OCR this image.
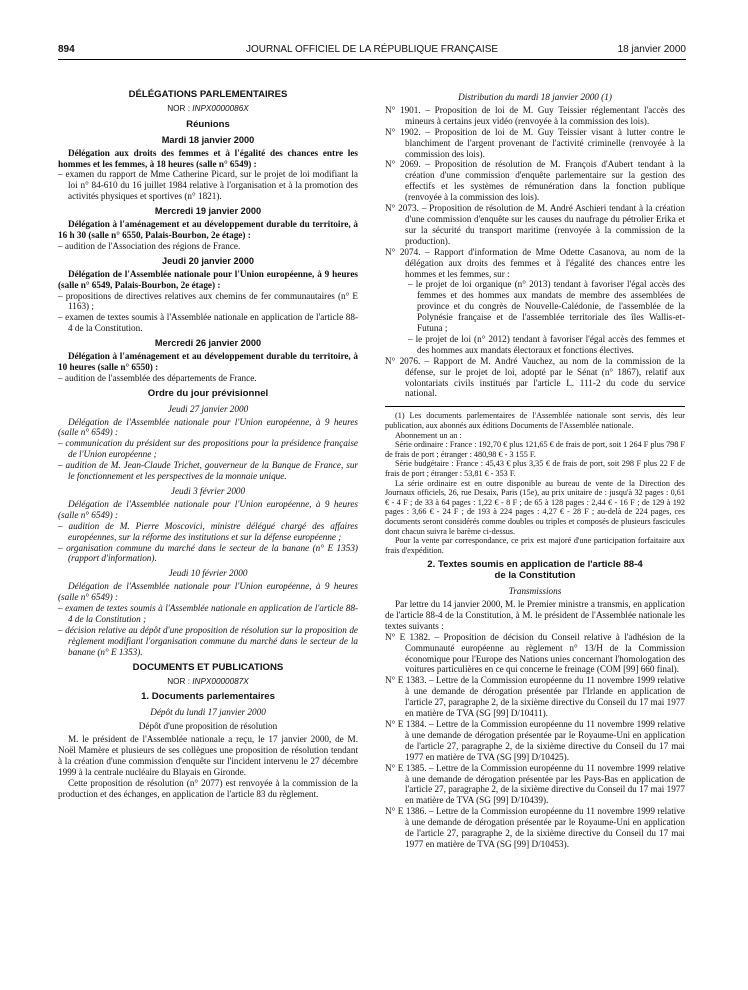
894	JOURNAL OFFICIEL DE LA RÉPUBLIQUE FRANÇAISE	18 janvier 2000
DÉLÉGATIONS PARLEMENTAIRES
NOR : INPX0000086X
Réunions
Mardi 18 janvier 2000

Délégation aux droits des femmes et à l'égalité des chances entre les hommes et les femmes, à 18 heures (salle n° 6549) :

– examen du rapport de Mme Catherine Picard, sur le projet de loi modifiant la loi n° 84-610 du 16 juillet 1984 relative à l'organisation et à la promotion des activités physiques et sportives (n° 1821).

Mercredi 19 janvier 2000

Délégation à l'aménagement et au développement durable du territoire, à 16 h 30 (salle n° 6550, Palais-Bourbon, 2e étage) :

– audition de l'Association des régions de France.

Jeudi 20 janvier 2000

Délégation de l'Assemblée nationale pour l'Union européenne, à 9 heures (salle n° 6549, Palais-Bourbon, 2e étage) :

– propositions de directives relatives aux chemins de fer communautaires (n° E 1163) ;

– examen de textes soumis à l'Assemblée nationale en application de l'article 88-4 de la Constitution.

Mercredi 26 janvier 2000

Délégation à l'aménagement et au développement durable du territoire, à 10 heures (salle n° 6550) :

– audition de l'assemblée des départements de France.

Ordre du jour prévisionnel
Jeudi 27 janvier 2000

Délégation de l'Assemblée nationale pour l'Union européenne, à 9 heures (salle n° 6549) :

– communication du président sur des propositions pour la présidence française de l'Union européenne ;

– audition de M. Jean-Claude Trichet, gouverneur de la Banque de France, sur le fonctionnement et les perspectives de la monnaie unique.

Jeudi 3 février 2000

Délégation de l'Assemblée nationale pour l'Union européenne, à 9 heures (salle n° 6549) :

– audition de M. Pierre Moscovici, ministre délégué chargé des affaires européennes, sur la réforme des institutions et sur la défense européenne ;

– organisation commune du marché dans le secteur de la banane (n° E 1353) (rapport d'information).

Jeudi 10 février 2000

Délégation de l'Assemblée nationale pour l'Union européenne, à 9 heures (salle n° 6549) :

– examen de textes soumis à l'Assemblée nationale en application de l'article 88-4 de la Constitution ;

– décision relative au dépôt d'une proposition de résolution sur la proposition de règlement modifiant l'organisation commune du marché dans le secteur de la banane (n° E 1353).

DOCUMENTS ET PUBLICATIONS
NOR : INPX0000087X
1. Documents parlementaires
Dépôt du lundi 17 janvier 2000
Dépôt d'une proposition de résolution

M. le président de l'Assemblée nationale a reçu, le 17 janvier 2000, de M. Noël Mamère et plusieurs de ses collègues une proposition de résolution tendant à la création d'une commission d'enquête sur l'incident intervenu le 27 décembre 1999 à la centrale nucléaire du Blayais en Gironde.

Cette proposition de résolution (n° 2077) est renvoyée à la commission de la production et des échanges, en application de l'article 83 du règlement.

Distribution du mardi 18 janvier 2000 (1)

N° 1901. – Proposition de loi de M. Guy Teissier réglementant l'accès des mineurs à certains jeux vidéo (renvoyée à la commission des lois).

N° 1902. – Proposition de loi de M. Guy Teissier visant à lutter contre le blanchiment de l'argent provenant de l'activité criminelle (renvoyée à la commission des lois).

N° 2069. – Proposition de résolution de M. François d'Aubert tendant à la création d'une commission d'enquête parlementaire sur la gestion des effectifs et les systèmes de rémunération dans la fonction publique (renvoyée à la commission des lois).

N° 2073. – Proposition de résolution de M. André Aschieri tendant à la création d'une commission d'enquête sur les causes du naufrage du pétrolier Erika et sur la sécurité du transport maritime (renvoyée à la commission de la production).

N° 2074. – Rapport d'information de Mme Odette Casanova, au nom de la délégation aux droits des femmes et à l'égalité des chances entre les hommes et les femmes, sur :

– le projet de loi organique (n° 2013) tendant à favoriser l'égal accès des femmes et des hommes aux mandats de membre des assemblées de province et du congrès de Nouvelle-Calédonie, de l'assemblée de la Polynésie française et de l'assemblée territoriale des îles Wallis-et-Futuna ;

– le projet de loi (n° 2012) tendant à favoriser l'égal accès des femmes et des hommes aux mandats électoraux et fonctions électives.

N° 2076. – Rapport de M. André Vauchez, au nom de la commission de la défense, sur le projet de loi, adopté par le Sénat (n° 1867), relatif aux volontariats civils institués par l'article L. 111-2 du code du service national.

(1) Les documents parlementaires de l'Assemblée nationale sont servis, dès leur publication, aux abonnés aux éditions Documents de l'Assemblée nationale.

Abonnement un an :

Série ordinaire : France : 192,70 € plus 121,65 € de frais de port, soit 1 264 F plus 798 F de frais de port ; étranger : 480,98 € - 3 155 F.

Série budgétaire : France : 45,43 € plus 3,35 € de frais de port, soit 298 F plus 22 F de frais de port ; étranger : 53,81 € - 353 F.

La série ordinaire est en outre disponible au bureau de vente de la Direction des Journaux officiels, 26, rue Desaix, Paris (15e), au prix unitaire de : jusqu'à 32 pages : 0,61 € - 4 F ; de 33 à 64 pages : 1,22 € - 8 F ; de 65 à 128 pages : 2,44 € - 16 F ; de 129 à 192 pages : 3,66 € - 24 F ; de 193 à 224 pages : 4,27 € - 28 F ; au-delà de 224 pages, ces documents seront considérés comme doubles ou triples et composés de plusieurs fascicules dont chacun suivra le barème ci-dessus.

Pour la vente par correspondance, ce prix est majoré d'une participation forfaitaire aux frais d'expédition.

2. Textes soumis en application de l'article 88-4
de la Constitution
Transmissions

Par lettre du 14 janvier 2000, M. le Premier ministre a transmis, en application de l'article 88-4 de la Constitution, à M. le président de l'Assemblée nationale les textes suivants :

N° E 1382. – Proposition de décision du Conseil relative à l'adhésion de la Communauté européenne au règlement n° 13/H de la Commission économique pour l'Europe des Nations unies concernant l'homologation des voitures particulières en ce qui concerne le freinage (COM [99] 660 final).

N° E 1383. – Lettre de la Commission européenne du 11 novembre 1999 relative à une demande de dérogation présentée par l'Irlande en application de l'article 27, paragraphe 2, de la sixième directive du Conseil du 17 mai 1977 en matière de TVA (SG [99] D/10411).

N° E 1384. – Lettre de la Commission européenne du 11 novembre 1999 relative à une demande de dérogation présentée par le Royaume-Uni en application de l'article 27, paragraphe 2, de la sixième directive du Conseil du 17 mai 1977 en matière de TVA (SG [99] D/10425).

N° E 1385. – Lettre de la Commission européenne du 11 novembre 1999 relative à une demande de dérogation présentée par les Pays-Bas en application de l'article 27, paragraphe 2, de la sixième directive du Conseil du 17 mai 1977 en matière de TVA (SG [99] D/10439).

N° E 1386. – Lettre de la Commission européenne du 11 novembre 1999 relative à une demande de dérogation présentée par le Royaume-Uni en application de l'article 27, paragraphe 2, de la sixième directive du Conseil du 17 mai 1977 en matière de TVA (SG [99] D/10453).
